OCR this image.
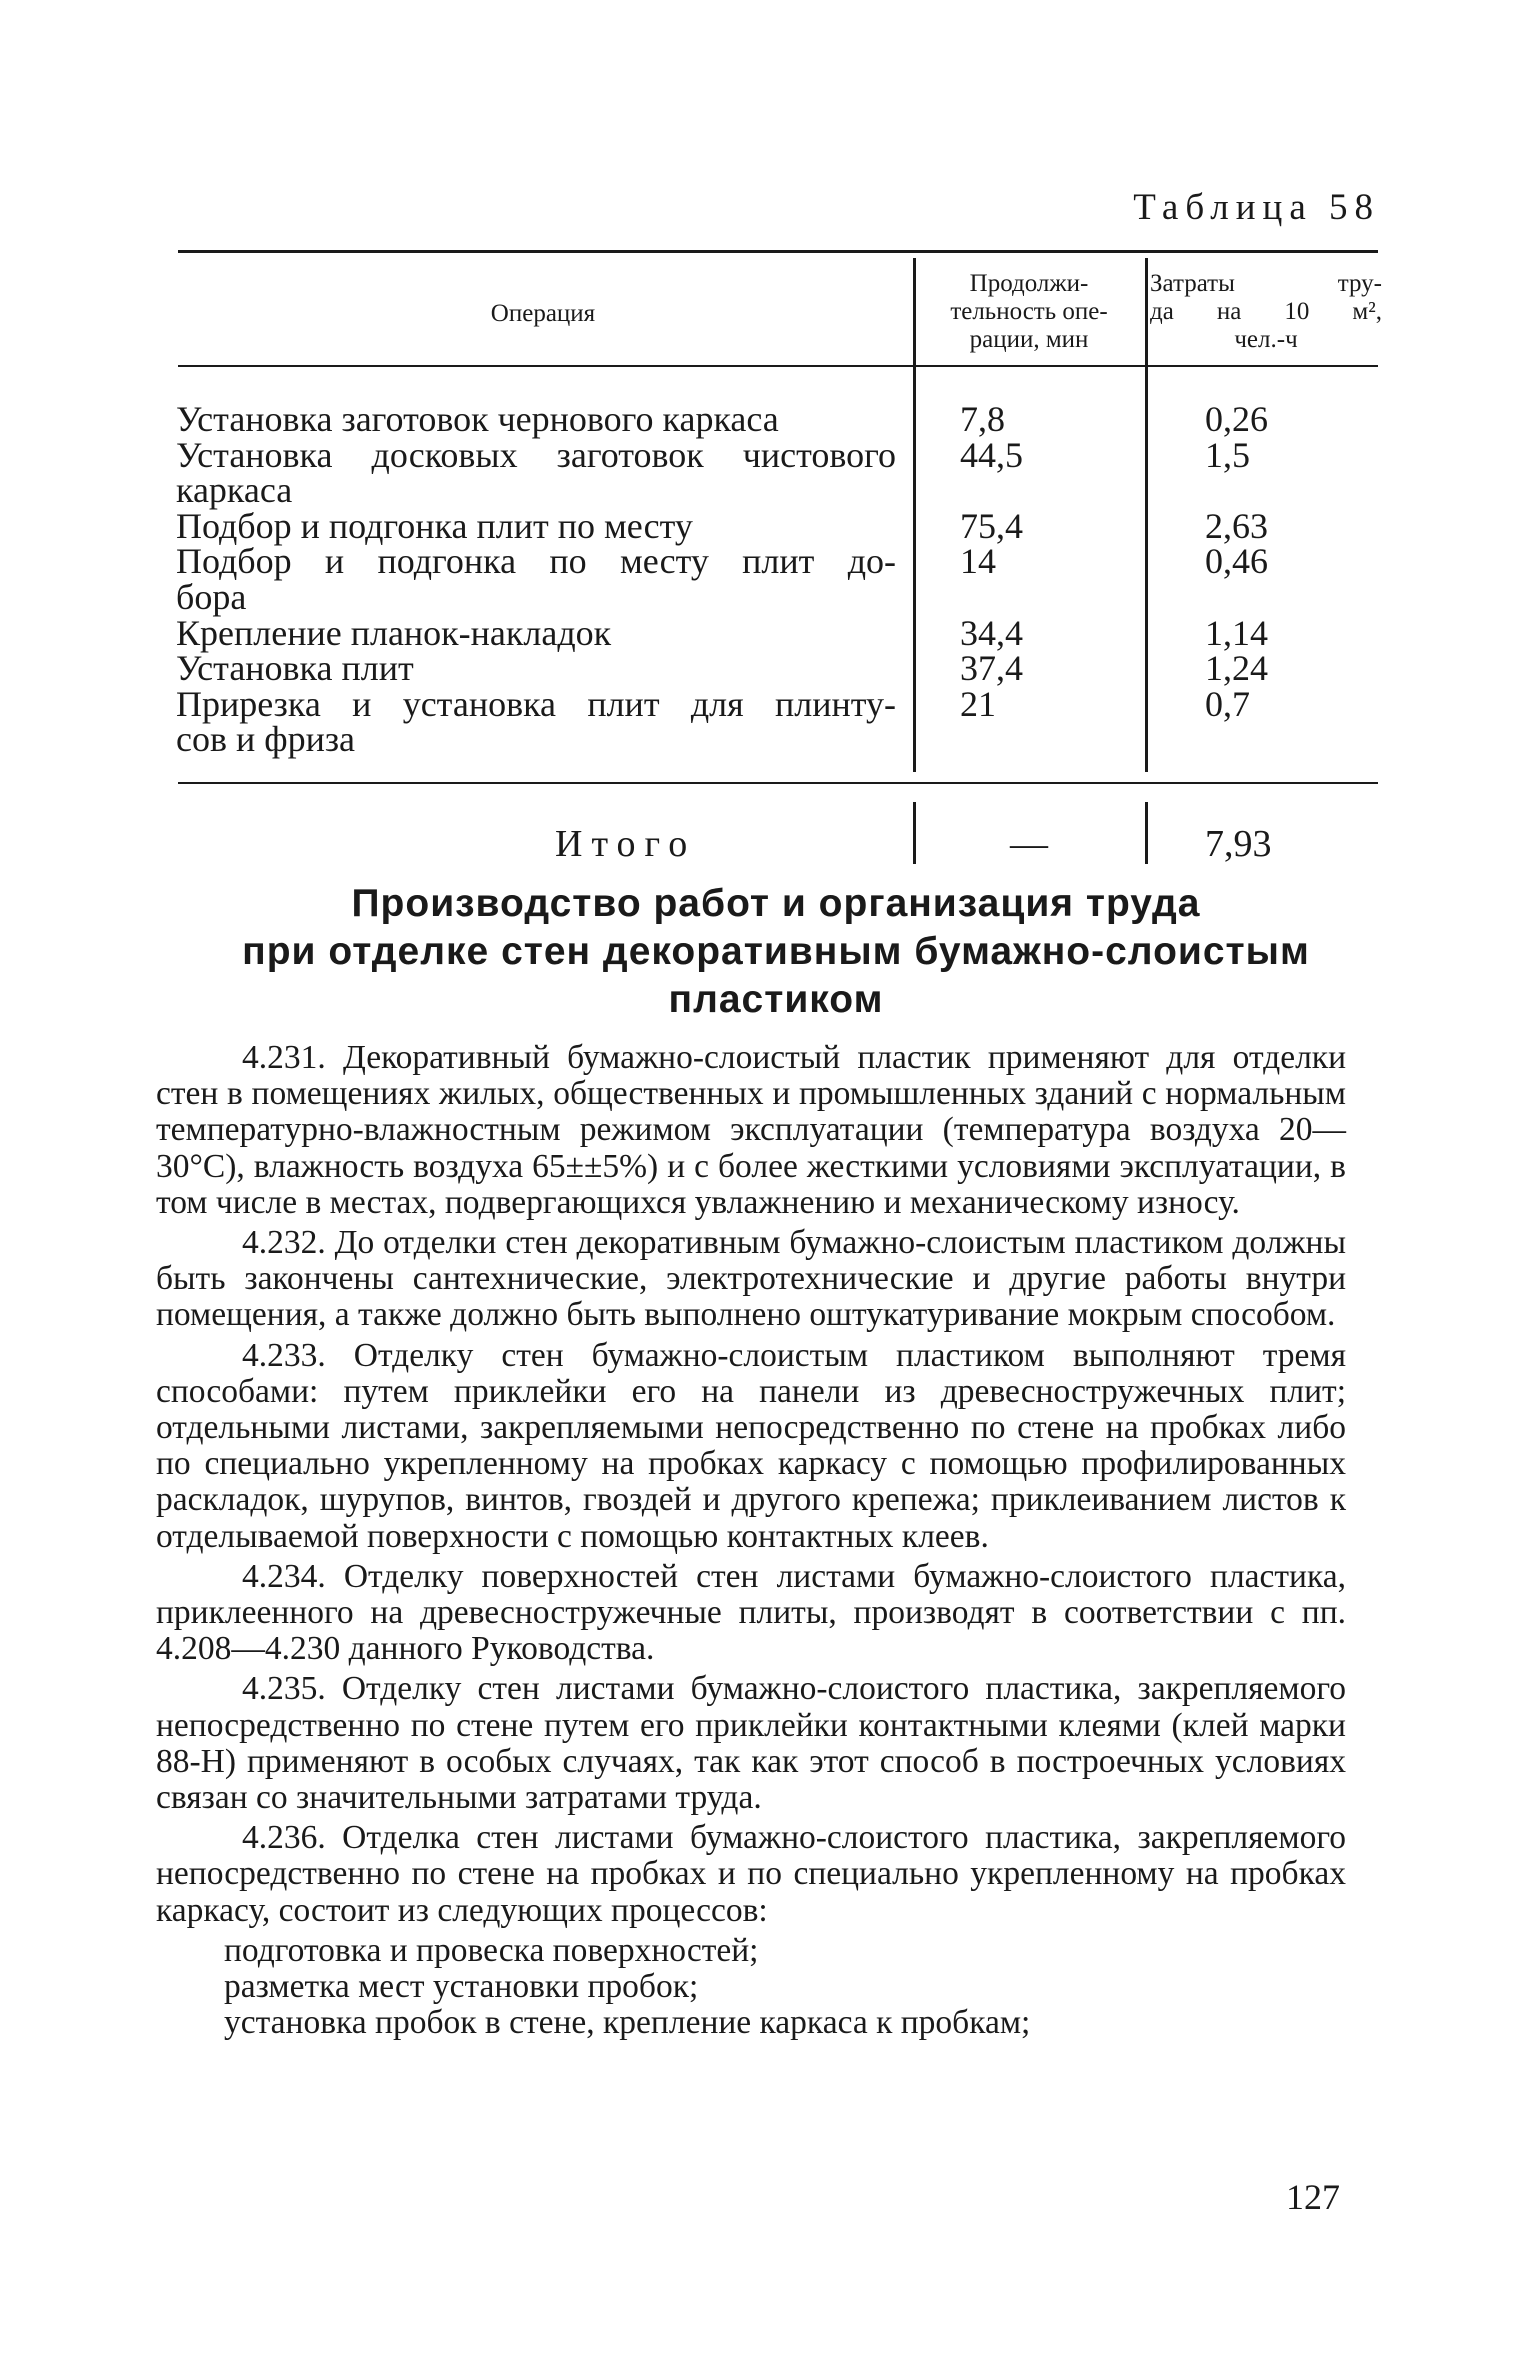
Таблица 58
Операция
Продолжи-
тельность опе-
рации, мин
Затраты тру-
да на 10 м²,
чел.-ч
Установка заготовок чернового каркаса
Установка досковых заготовок чистового
каркаса
Подбор и подгонка плит по месту
Подбор и подгонка по месту плит до-
бора
Крепление планок-накладок
Установка плит
Прирезка и установка плит для плинту-
сов и фриза
7,8
44,5
75,4
14
34,4
37,4
21
0,26
1,5
2,63
0,46
1,14
1,24
0,7
Итого	—	7,93
Производство работ и организация труда
при отделке стен декоративным бумажно-слоистым
пластиком

4.231. Декоративный бумажно-слоистый пластик применяют для отделки стен в помещениях жилых, общественных и промышленных зданий с нормальным температурно-влажностным режимом эксплуатации (температура воздуха 20—30°С), влажность воздуха 65±±5%) и с более жесткими условиями эксплуатации, в том числе в местах, подвергающихся увлажнению и механическому износу.

4.232. До отделки стен декоративным бумажно-слоистым пластиком должны быть закончены сантехнические, электротехнические и другие работы внутри помещения, а также должно быть выполнено оштукатуривание мокрым способом.

4.233. Отделку стен бумажно-слоистым пластиком выполняют тремя способами: путем приклейки его на панели из древесностружечных плит; отдельными листами, закрепляемыми непосредственно по стене на пробках либо по специально укрепленному на пробках каркасу с помощью профилированных раскладок, шурупов, винтов, гвоздей и другого крепежа; приклеиванием листов к отделываемой поверхности с помощью контактных клеев.

4.234. Отделку поверхностей стен листами бумажно-слоистого пластика, приклеенного на древесностружечные плиты, производят в соответствии с пп. 4.208—4.230 данного Руководства.

4.235. Отделку стен листами бумажно-слоистого пластика, закрепляемого непосредственно по стене путем его приклейки контактными клеями (клей марки 88-Н) применяют в особых случаях, так как этот способ в построечных условиях связан со значительными затратами труда.

4.236. Отделка стен листами бумажно-слоистого пластика, закрепляемого непосредственно по стене на пробках и по специально укрепленному на пробках каркасу, состоит из следующих процессов:

подготовка и провеска поверхностей;

разметка мест установки пробок;

установка пробок в стене, крепление каркаса к пробкам;

127
